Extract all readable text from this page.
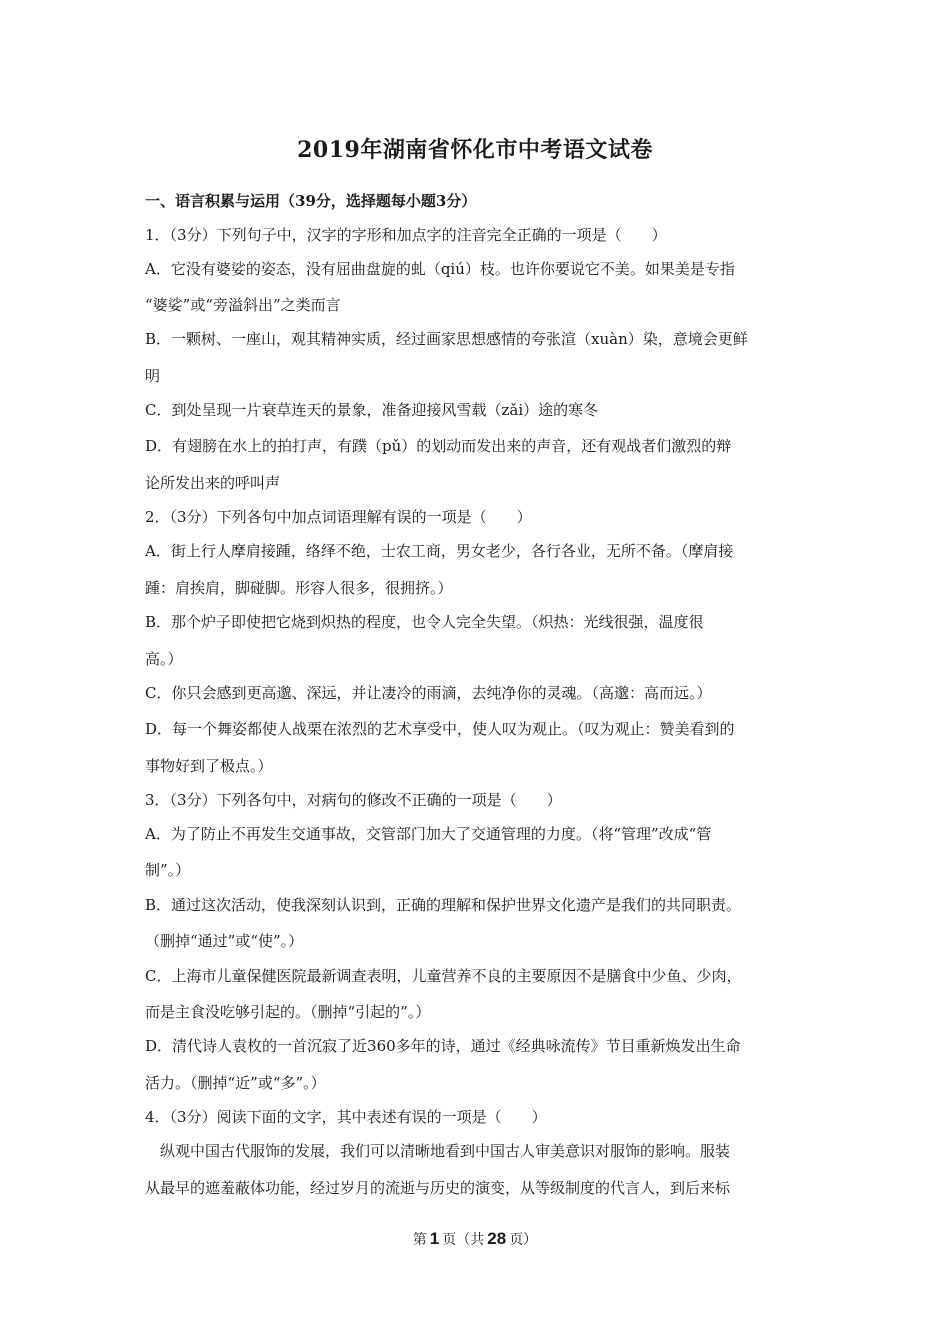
2019年湖南省怀化市中考语文试卷
一、语言积累与运用（39分，选择题每小题3分）
1．（3分）下列句子中，汉字的字形和加点字的注音完全正确的一项是（　　）
A．它没有婆娑的姿态，没有屈曲盘旋的虬（qiú）枝。也许你要说它不美。如果美是专指
“婆娑”或“旁溢斜出”之类而言
B．一颗树、一座山，观其精神实质，经过画家思想感情的夸张渲（xuàn）染，意境会更鲜
明
C．到处呈现一片衰草连天的景象，准备迎接风雪载（zǎi）途的寒冬
D．有翅膀在水上的拍打声，有蹼（pǔ）的划动而发出来的声音，还有观战者们激烈的辩
论所发出来的呼叫声
2．（3分）下列各句中加点词语理解有误的一项是（　　）
A．街上行人摩肩接踵，络绎不绝，士农工商，男女老少，各行各业，无所不备。（摩肩接
踵：肩挨肩，脚碰脚。形容人很多，很拥挤。）
B．那个炉子即使把它烧到炽热的程度，也令人完全失望。（炽热：光线很强，温度很
高。）
C．你只会感到更高邈、深远，并让凄冷的雨滴，去纯净你的灵魂。（高邈：高而远。）
D．每一个舞姿都使人战栗在浓烈的艺术享受中，使人叹为观止。（叹为观止：赞美看到的
事物好到了极点。）
3．（3分）下列各句中，对病句的修改不正确的一项是（　　）
A．为了防止不再发生交通事故，交管部门加大了交通管理的力度。（将“管理”改成“管
制”。）
B．通过这次活动，使我深刻认识到，正确的理解和保护世界文化遗产是我们的共同职责。
（删掉“通过”或“使”。）
C．上海市儿童保健医院最新调查表明，儿童营养不良的主要原因不是膳食中少鱼、少肉，
而是主食没吃够引起的。（删掉“引起的”。）
D．清代诗人袁枚的一首沉寂了近360多年的诗，通过《经典咏流传》节目重新焕发出生命
活力。（删掉“近”或“多”。）
4．（3分）阅读下面的文字，其中表述有误的一项是（　　）
纵观中国古代服饰的发展，我们可以清晰地看到中国古人审美意识对服饰的影响。服装
从最早的遮羞蔽体功能，经过岁月的流逝与历史的演变，从等级制度的代言人，到后来标
第 1 页（共 28 页）
